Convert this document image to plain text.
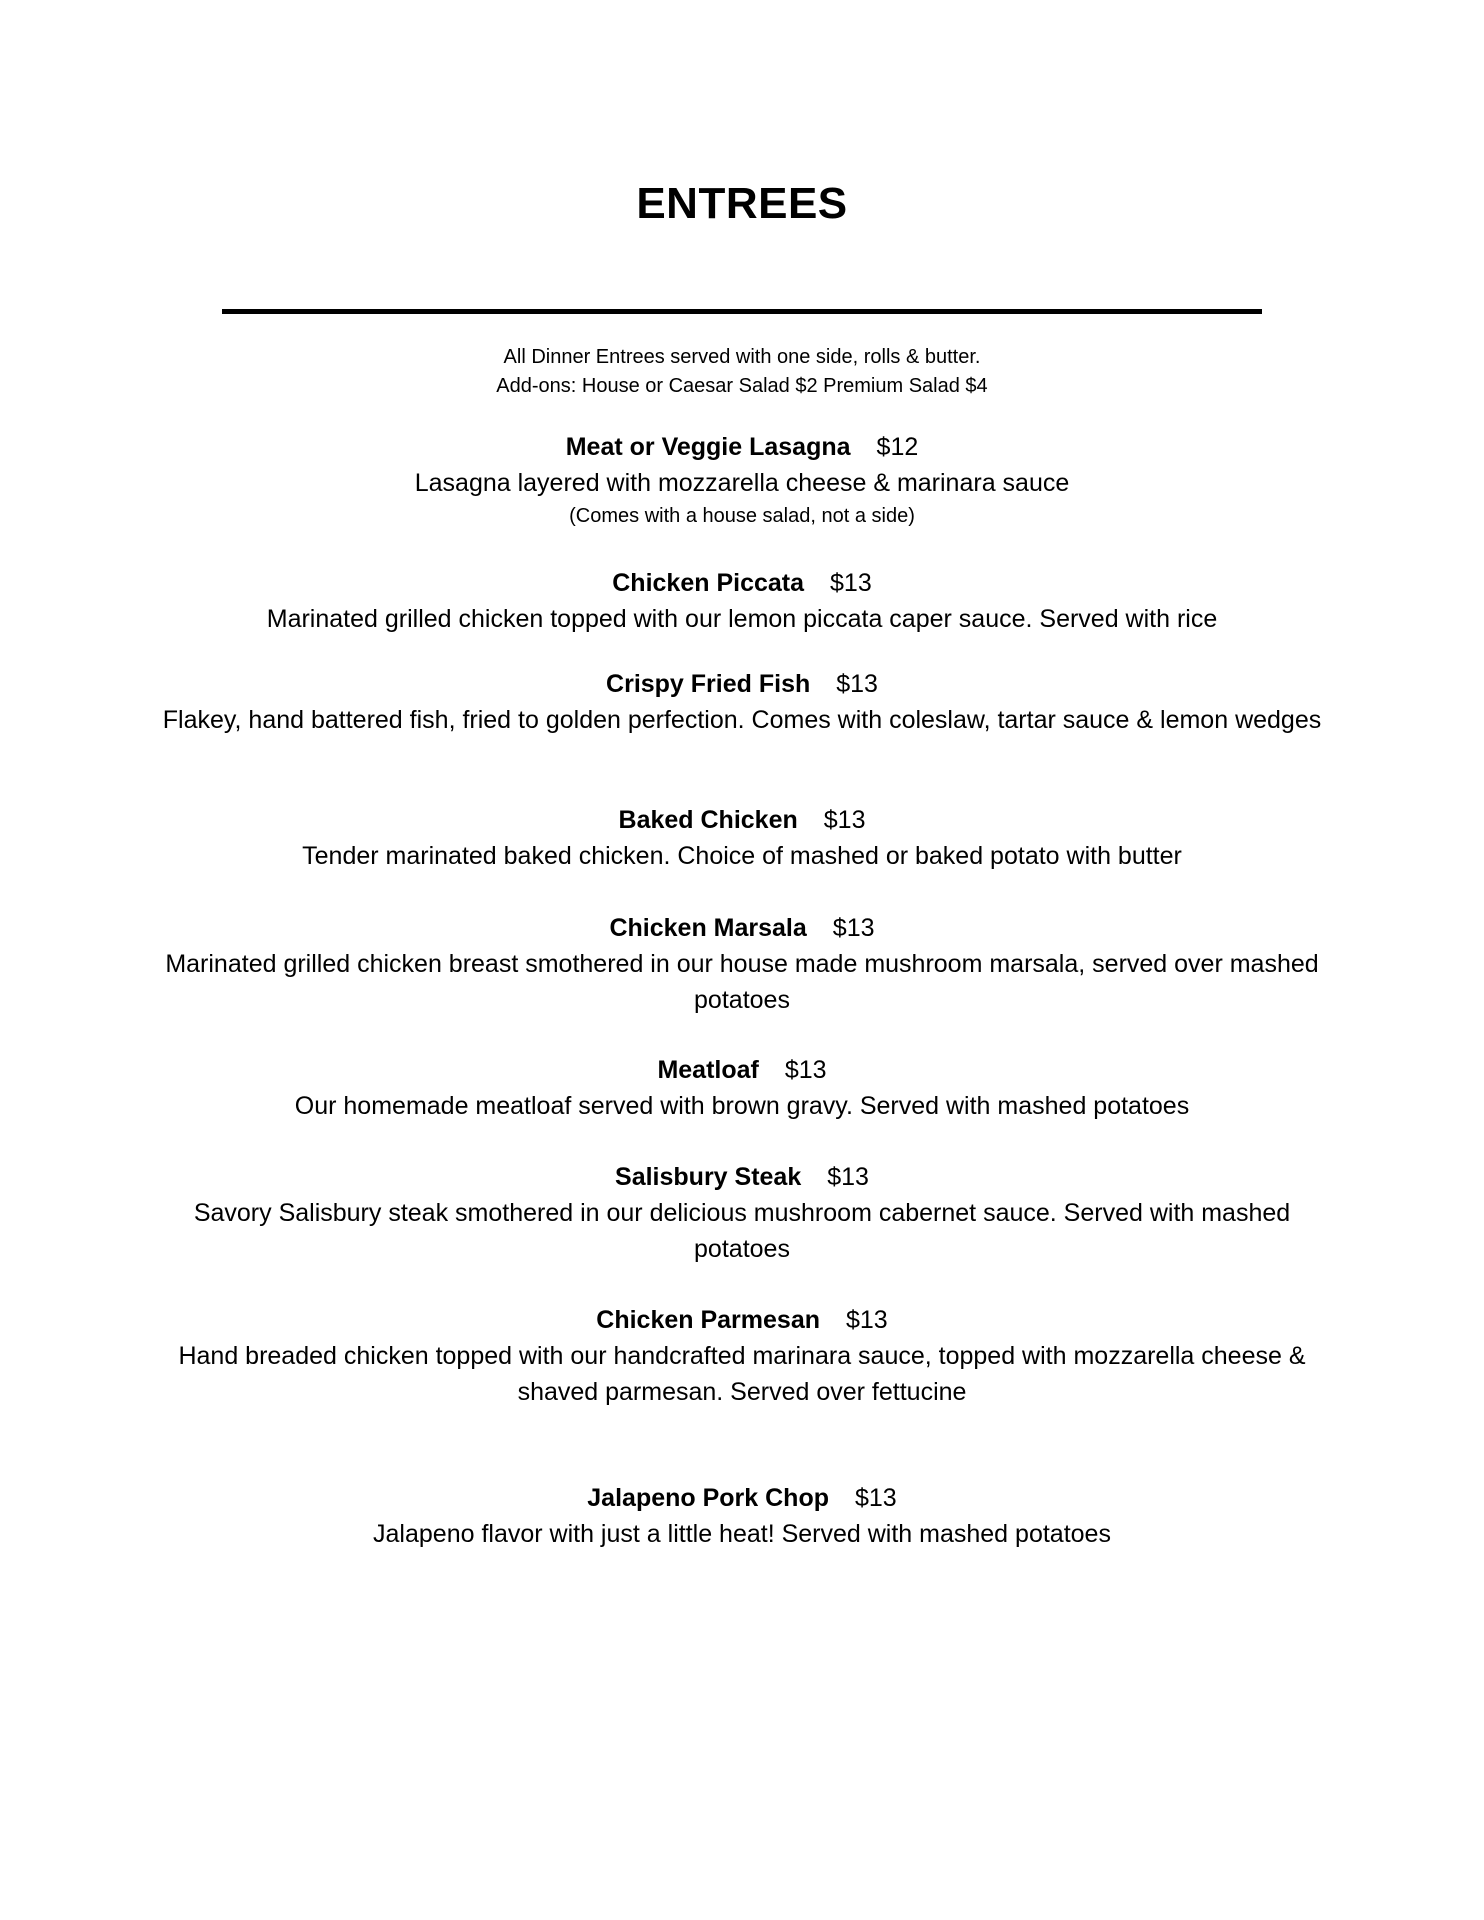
ENTREES
All Dinner Entrees served with one side, rolls & butter.
Add-ons: House or Caesar Salad $2 Premium Salad $4
Meat or Veggie Lasagna $12
Lasagna layered with mozzarella cheese & marinara sauce
(Comes with a house salad, not a side)
Chicken Piccata $13
Marinated grilled chicken topped with our lemon piccata caper sauce. Served with rice
Crispy Fried Fish $13
Flakey, hand battered fish, fried to golden perfection. Comes with coleslaw, tartar sauce & lemon wedges
Baked Chicken $13
Tender marinated baked chicken. Choice of mashed or baked potato with butter
Chicken Marsala $13
Marinated grilled chicken breast smothered in our house made mushroom marsala, served over mashed potatoes
Meatloaf $13
Our homemade meatloaf served with brown gravy. Served with mashed potatoes
Salisbury Steak $13
Savory Salisbury steak smothered in our delicious mushroom cabernet sauce. Served with mashed potatoes
Chicken Parmesan $13
Hand breaded chicken topped with our handcrafted marinara sauce, topped with mozzarella cheese & shaved parmesan. Served over fettucine
Jalapeno Pork Chop $13
Jalapeno flavor with just a little heat! Served with mashed potatoes
